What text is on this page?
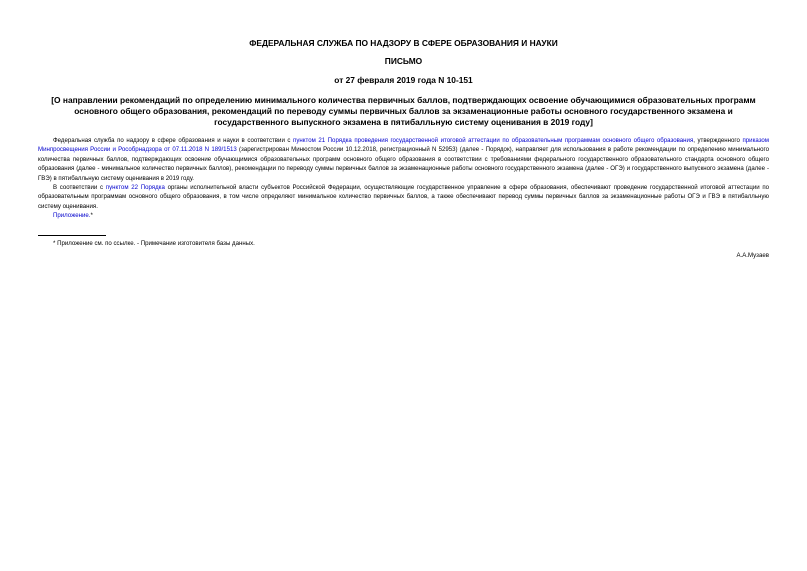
ФЕДЕРАЛЬНАЯ СЛУЖБА ПО НАДЗОРУ В СФЕРЕ ОБРАЗОВАНИЯ И НАУКИ
ПИСЬМО
от 27 февраля 2019 года N 10-151
[О направлении рекомендаций по определению минимального количества первичных баллов, подтверждающих освоение обучающимися образовательных программ основного общего образования, рекомендаций по переводу суммы первичных баллов за экзаменационные работы основного государственного экзамена и государственного выпускного экзамена в пятибалльную систему оценивания в 2019 году]

Федеральная служба по надзору в сфере образования и науки в соответствии с пунктом 21 Порядка проведения государственной итоговой аттестации по образовательным программам основного общего образования, утвержденного приказом Минпросвещения России и Рособрнадзора от 07.11.2018 N 189/1513 (зарегистрирован Минюстом России 10.12.2018, регистрационный N 52953) (далее - Порядок), направляет для использования в работе рекомендации по определению минимального количества первичных баллов, подтверждающих освоение обучающимися образовательных программ основного общего образования в соответствии с требованиями федерального государственного образовательного стандарта основного общего образования (далее - минимальное количество первичных баллов), рекомендации по переводу суммы первичных баллов за экзаменационные работы основного государственного экзамена (далее - ОГЭ) и государственного выпускного экзамена (далее - ГВЭ) в пятибалльную систему оценивания в 2019 году.

В соответствии с пунктом 22 Порядка органы исполнительной власти субъектов Российской Федерации, осуществляющие государственное управление в сфере образования, обеспечивают проведение государственной итоговой аттестации по образовательным программам основного общего образования, в том числе определяют минимальное количество первичных баллов, а также обеспечивают перевод суммы первичных баллов за экзаменационные работы ОГЭ и ГВЭ в пятибалльную систему оценивания.

Приложение.*
* Приложение см. по ссылке. - Примечание изготовителя базы данных.
А.А.Музаев
